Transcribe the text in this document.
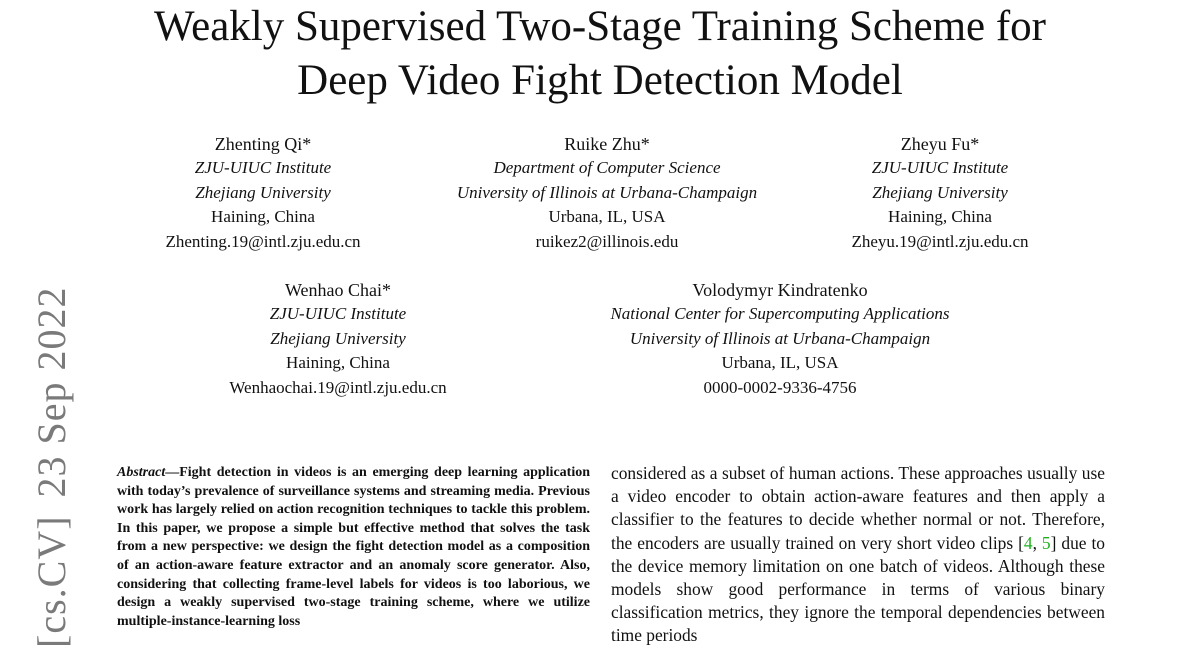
Weakly Supervised Two-Stage Training Scheme for
Deep Video Fight Detection Model
Zhenting Qi*
ZJU-UIUC Institute
Zhejiang University
Haining, China
Zhenting.19@intl.zju.edu.cn
Ruike Zhu*
Department of Computer Science
University of Illinois at Urbana-Champaign
Urbana, IL, USA
ruikez2@illinois.edu
Zheyu Fu*
ZJU-UIUC Institute
Zhejiang University
Haining, China
Zheyu.19@intl.zju.edu.cn
Wenhao Chai*
ZJU-UIUC Institute
Zhejiang University
Haining, China
Wenhaochai.19@intl.zju.edu.cn
Volodymyr Kindratenko
National Center for Supercomputing Applications
University of Illinois at Urbana-Champaign
Urbana, IL, USA
0000-0002-9336-4756
[cs.CV]23 Sep 2022	Abstract—Fight detection in videos is an emerging deep learning application with today’s prevalence of surveillance systems and streaming media. Previous work has largely relied on action recognition techniques to tackle this problem. In this paper, we propose a simple but effective method that solves the task from a new perspective: we design the fight detection model as a composition of an action-aware feature extractor and an anomaly score generator. Also, considering that collecting frame-level labels for videos is too laborious, we design a weakly supervised two-stage training scheme, where we utilize multiple-instance-learning loss
considered as a subset of human actions. These approaches usually use a video encoder to obtain action-aware features and then apply a classifier to the features to decide whether normal or not. Therefore, the encoders are usually trained on very short video clips [4, 5] due to the device memory limitation on one batch of videos. Although these models show good performance in terms of various binary classification metrics, they ignore the temporal dependencies between time periods
